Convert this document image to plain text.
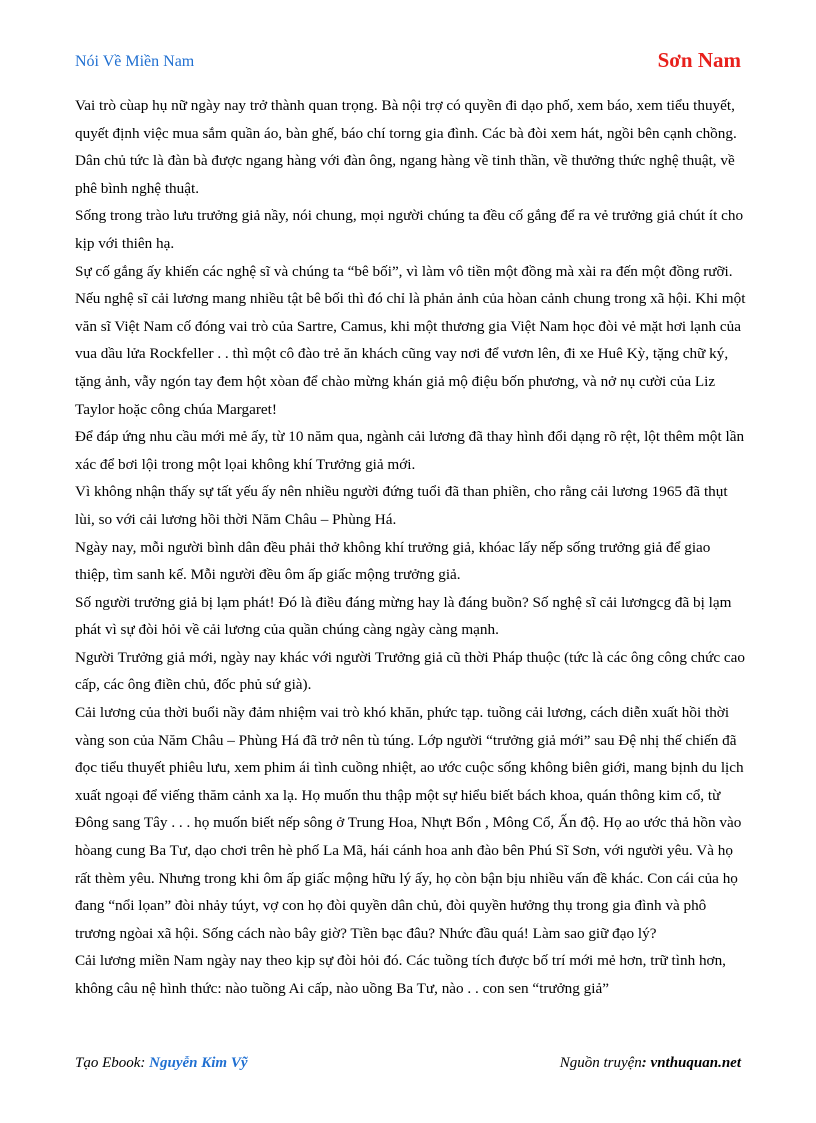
Nói Về Miền Nam	Sơn Nam

Vai trò cùap hụ nữ ngày nay trở thành quan trọng. Bà nội trợ có quyền đi dạo phố, xem báo, xem tiểu thuyết, quyết định việc mua sắm quần áo, bàn ghế, báo chí torng gia đình. Các bà đòi xem hát, ngồi bên cạnh chồng. Dân chủ tức là đàn bà được ngang hàng với đàn ông, ngang hàng về tinh thần, về thưởng thức nghệ thuật, về phê bình nghệ thuật.

Sống trong trào lưu trưởng giả nầy, nói chung, mọi người chúng ta đều cố gắng để ra vẻ trưởng giả chút ít cho kịp với thiên hạ.

Sự cố gắng ấy khiến các nghệ sĩ và chúng ta “bê bối”, vì làm vô tiền một đồng mà xài ra đến một đồng rưỡi. Nếu nghệ sĩ cải lương mang nhiều tật bê bối thì đó chỉ là phản ảnh của hòan cảnh chung trong xã hội. Khi một văn sĩ Việt Nam cố đóng vai trò của Sartre, Camus, khi một thương gia Việt Nam học đòi vẻ mặt hơi lạnh của vua dầu lửa Rockfeller . . thì một cô đào trẻ ăn khách cũng vay nơi để vươn lên, đi xe Huê Kỳ, tặng chữ ký, tặng ảnh, vẫy ngón tay đem hột xòan để chào mừng khán giả mộ điệu bốn phương, và nở nụ cười của Liz Taylor hoặc công chúa Margaret!

Để đáp ứng nhu cầu mới mẻ ấy, từ 10 năm qua, ngành cải lương đã thay hình đổi dạng rõ rệt, lột thêm một lần xác để bơi lội trong một lọai không khí Trưởng giả mới.

Vì không nhận thấy sự tất yếu ấy nên nhiều người đứng tuổi đã than phiền, cho rằng cải lương 1965 đã thụt lùi, so với cải lương hồi thời Năm Châu – Phùng Há.

Ngày nay, mỗi người bình dân đều phải thở không khí trưởng giả, khóac lấy nếp sống trưởng giả để giao thiệp, tìm sanh kế. Mỗi người đều ôm ấp giấc mộng trưởng giả.

Số người trưởng giả bị lạm phát! Đó là điều đáng mừng hay là đáng buồn? Số nghệ sĩ cải lươngcg đã bị lạm phát vì sự đòi hỏi về cải lương của quần chúng càng ngày càng mạnh.

Người Trưởng giả mới, ngày nay khác với người Trưởng giả cũ thời Pháp thuộc (tức là các ông công chức cao cấp, các ông điền chủ, đốc phủ sứ già).

Cải lương của thời buổi nầy đảm nhiệm vai trò khó khăn, phức tạp. tuồng cải lương, cách diễn xuất hồi thời vàng son của Năm Châu – Phùng Há đã trở nên tù túng. Lớp người “trưởng giả mới” sau Đệ nhị thế chiến đã đọc tiểu thuyết phiêu lưu, xem phim ái tình cuồng nhiệt, ao ước cuộc sống không biên giới, mang bịnh du lịch xuất ngoại để viếng thăm cảnh xa lạ. Họ muốn thu thập một sự hiểu biết bách khoa, quán thông kim cổ, từ Đông sang Tây . . . họ muốn biết nếp sông ở Trung Hoa, Nhựt Bổn , Mông Cổ, Ấn độ. Họ ao ước thả hồn vào hòang cung Ba Tư, dạo chơi trên hè phố La Mã, hái cánh hoa anh đào bên Phú Sĩ Sơn, với người yêu. Và họ rất thèm yêu. Nhưng trong khi ôm ấp giấc mộng hữu lý ấy, họ còn bận bịu nhiều vấn đề khác. Con cái của họ đang “nổi lọan” đòi nhảy túyt, vợ con họ đòi quyền dân chủ, đòi quyền hưởng thụ trong gia đình và phô trương ngòai xã hội. Sống cách nào bây giờ? Tiền bạc đâu? Nhức đầu quá! Làm sao giữ đạo lý?

Cải lương miền Nam ngày nay theo kịp sự đòi hỏi đó. Các tuồng tích được bố trí mới mẻ hơn, trữ tình hơn, không câu nệ hình thức: nào tuồng Ai cấp, nào uồng Ba Tư, nào . . con sen “trưởng giả”

Tạo Ebook: Nguyễn Kim Vỹ	Nguồn truyện: vnthuquan.net
